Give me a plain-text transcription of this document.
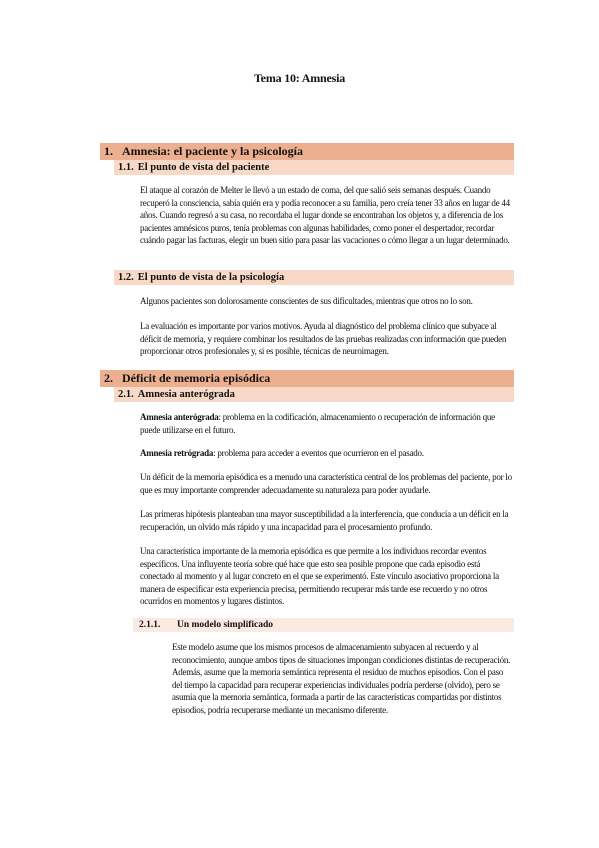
Tema 10: Amnesia
1. Amnesia: el paciente y la psicología
1.1. El punto de vista del paciente
El ataque al corazón de Melter le llevó a un estado de coma, del que salió seis semanas después. Cuando recuperó la consciencia, sabía quién era y podía reconocer a su familia, pero creía tener 33 años en lugar de 44 años. Cuando regresó a su casa, no recordaba el lugar donde se encontraban los objetos y, a diferencia de los pacientes amnésicos puros, tenía problemas con algunas habilidades, como poner el despertador, recordar cuándo pagar las facturas, elegir un buen sitio para pasar las vacaciones o cómo llegar a un lugar determinado.
1.2. El punto de vista de la psicología
Algunos pacientes son dolorosamente conscientes de sus dificultades, mientras que otros no lo son.
La evaluación es importante por varios motivos. Ayuda al diagnóstico del problema clínico que subyace al déficit de memoria, y requiere combinar los resultados de las pruebas realizadas con información que pueden proporcionar otros profesionales y, si es posible, técnicas de neuroimagen.
2. Déficit de memoria episódica
2.1. Amnesia anterógrada
Amnesia anterógrada: problema en la codificación, almacenamiento o recuperación de información que puede utilizarse en el futuro.
Amnesia retrógrada: problema para acceder a eventos que ocurrieron en el pasado.
Un déficit de la memoria episódica es a menudo una característica central de los problemas del paciente, por lo que es muy importante comprender adecuadamente su naturaleza para poder ayudarle.
Las primeras hipótesis planteaban una mayor susceptibilidad a la interferencia, que conducía a un déficit en la recuperación, un olvido más rápido y una incapacidad para el procesamiento profundo.
Una característica importante de la memoria episódica es que permite a los individuos recordar eventos específicos. Una influyente teoría sobre qué hace que esto sea posible propone que cada episodio está conectado al momento y al lugar concreto en el que se experimentó. Este vínculo asociativo proporciona la manera de especificar esta experiencia precisa, permitiendo recuperar más tarde ese recuerdo y no otros ocurridos en momentos y lugares distintos.
2.1.1.	Un modelo simplificado
Este modelo asume que los mismos procesos de almacenamiento subyacen al recuerdo y al reconocimiento, aunque ambos tipos de situaciones impongan condiciones distintas de recuperación. Además, asume que la memoria semántica representa el residuo de muchos episodios. Con el paso del tiempo la capacidad para recuperar experiencias individuales podría perderse (olvido), pero se asumía que la memoria semántica, formada a partir de las características compartidas por distintos episodios, podría recuperarse mediante un mecanismo diferente.
